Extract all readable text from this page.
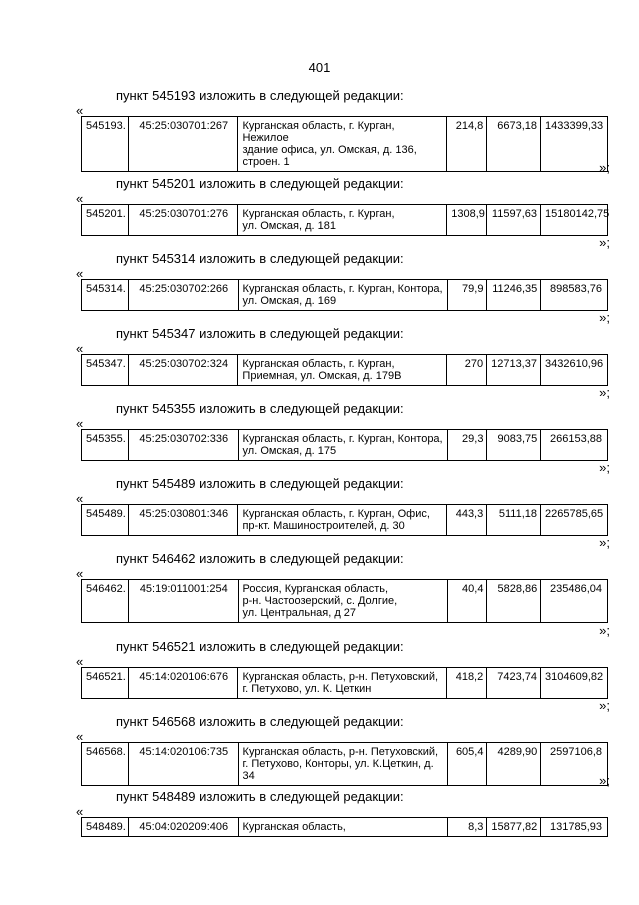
401
пункт 545193 изложить в следующей редакции:
«
545193.	45:25:030701:267	Курганская область, г. Курган, Нежилое
здание офиса, ул. Омская, д. 136,
строен. 1
214,8	6673,18 1433399,33
»;
пункт 545201 изложить в следующей редакции:
«
545201.	45:25:030701:276	Курганская область, г. Курган,
ул. Омская, д. 181
1308,9 11597,63 15180142,75
»;
пункт 545314 изложить в следующей редакции:
«
545314.	45:25:030702:266	Курганская область, г. Курган, Контора,
ул. Омская, д. 169
79,9 11246,35	898583,76
»;
пункт 545347 изложить в следующей редакции:
«
545347.	45:25:030702:324	Курганская область, г. Курган,
Приемная, ул. Омская, д. 179В
270 12713,37 3432610,96
»;
пункт 545355 изложить в следующей редакции:
«
545355.	45:25:030702:336	Курганская область, г. Курган, Контора,
ул. Омская, д. 175
29,3	9083,75	266153,88
»;
пункт 545489 изложить в следующей редакции:
«
545489.	45:25:030801:346	Курганская область, г. Курган, Офис,
пр-кт. Машиностроителей, д. 30
443,3	5111,18 2265785,65
»;
пункт 546462 изложить в следующей редакции:
«
546462.	45:19:011001:254	Россия, Курганская область,
р-н. Частоозерский, с. Долгие,
ул. Центральная, д 27
40,4	5828,86	235486,04
»;
пункт 546521 изложить в следующей редакции:
«
546521.	45:14:020106:676	Курганская область, р-н. Петуховский,
г. Петухово, ул. К. Цеткин
418,2	7423,74 3104609,82
»;
пункт 546568 изложить в следующей редакции:
«
546568.	45:14:020106:735	Курганская область, р-н. Петуховский,
г. Петухово, Конторы, ул. К.Цеткин, д. 34
605,4	4289,90	2597106,8
»;
пункт 548489 изложить в следующей редакции:
«
548489.	45:04:020209:406	Курганская область,	8,3 15877,82	131785,93
